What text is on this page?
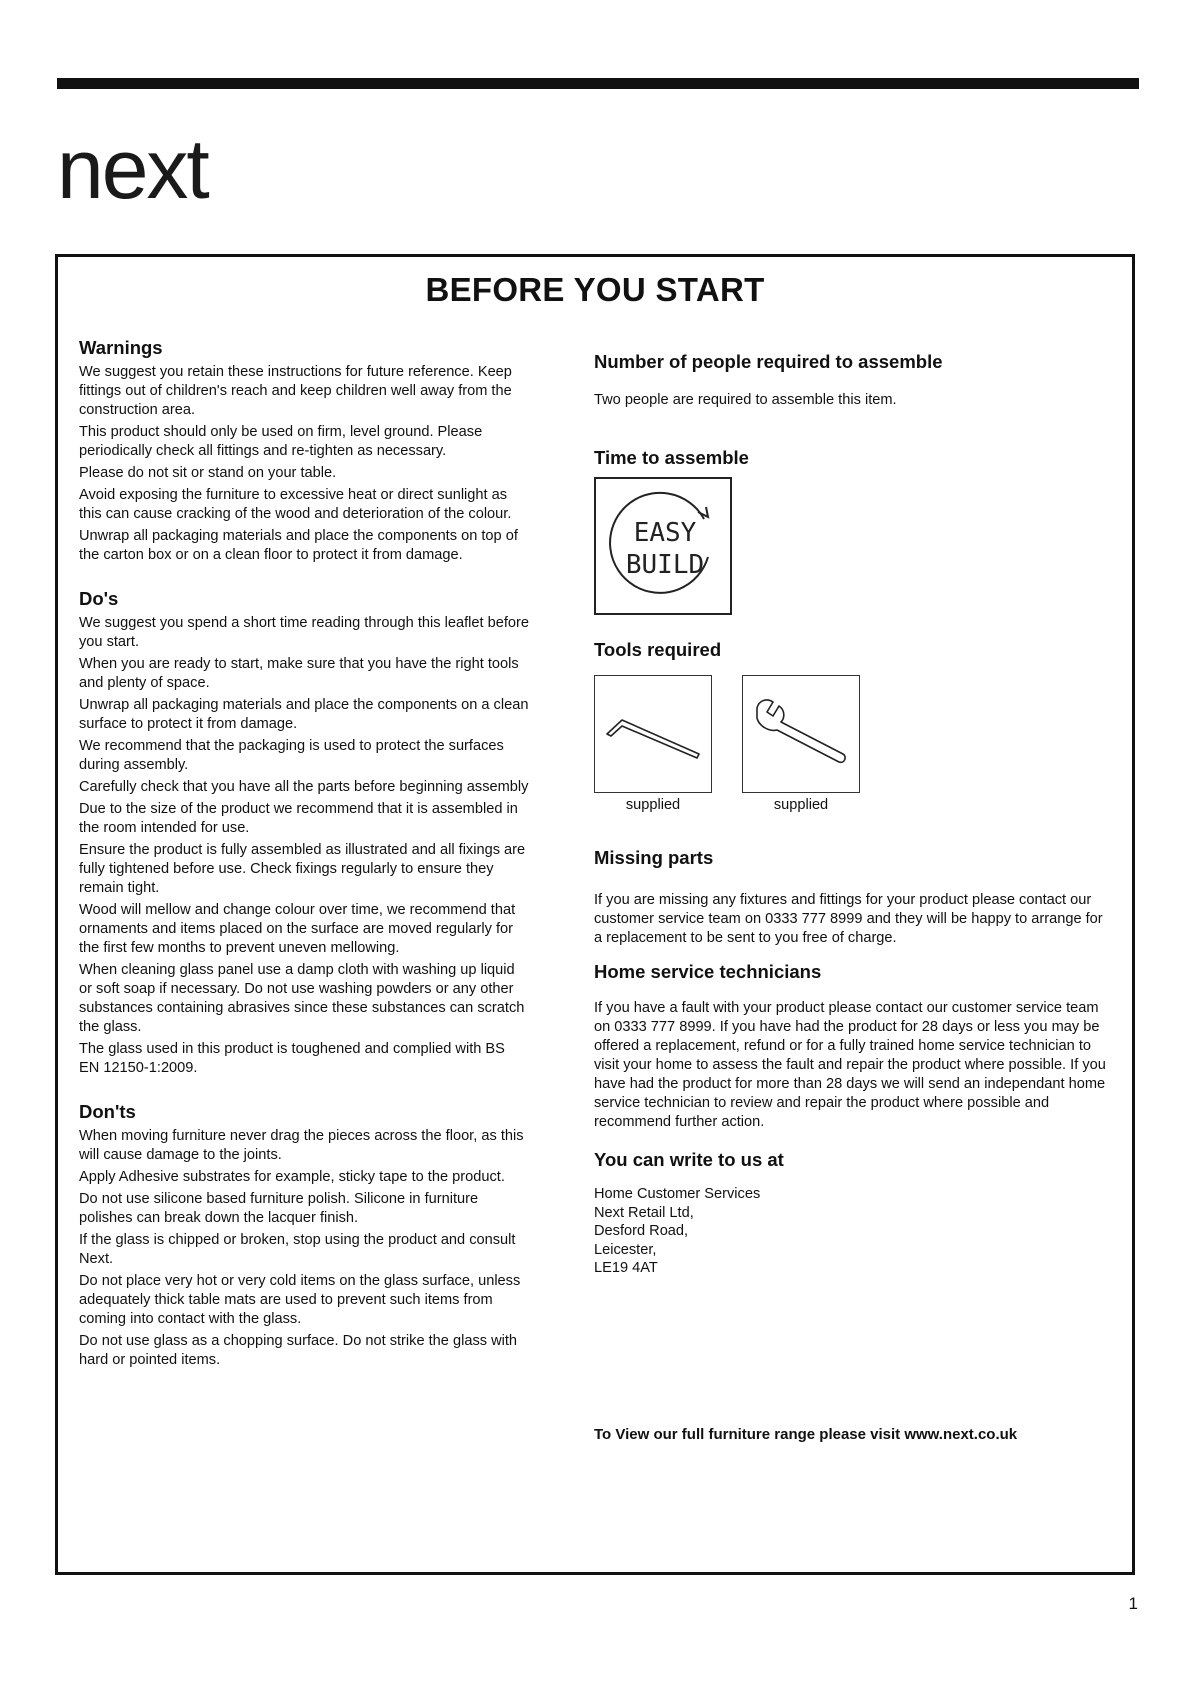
next
BEFORE YOU START
Warnings

We suggest you retain these instructions for future reference. Keep fittings out of children's reach and keep children well away from the construction area.

This product should only be used on firm, level ground. Please periodically check all fittings and re-tighten as necessary.

Please do not sit or stand on your table.

Avoid exposing the furniture to excessive heat or direct sunlight as this can cause cracking of the wood and deterioration of the colour.

Unwrap all packaging materials and place the components on top of the carton box or on a clean floor to protect it from damage.

Do's

We suggest you spend a short time reading through this leaflet before you start.

When you are ready to start, make sure that you have the right tools and plenty of space.

Unwrap all packaging materials and place the components on a clean surface to protect it from damage.

We recommend that the packaging is used to protect the surfaces during assembly.

Carefully check that you have all the parts before beginning assembly

Due to the size of the product we recommend that it is assembled in the room intended for use.

Ensure the product is fully assembled as illustrated and all fixings are fully tightened before use. Check fixings regularly to ensure they remain tight.

Wood will mellow and change colour over time, we recommend that ornaments and items placed on the surface are moved regularly for the first few months to prevent uneven mellowing.

When cleaning glass panel use a damp cloth with washing up liquid or soft soap if necessary. Do not use washing powders or any other substances containing abrasives since these substances can scratch the glass.

The glass used in this product is toughened and complied with BS EN 12150-1:2009.

Don'ts

When moving furniture never drag the pieces across the floor, as this will cause damage to the joints.

Apply Adhesive substrates for example, sticky tape to the product.

Do not use silicone based furniture polish. Silicone in furniture polishes can break down the lacquer finish.

If the glass is chipped or broken, stop using the product and consult Next.

Do not place very hot or very cold items on the glass surface, unless adequately thick table mats are used to prevent such items from coming into contact with the glass.

Do not use glass as a chopping surface. Do not strike the glass with hard or pointed items.

Number of people required to assemble

Two people are required to assemble this item.

Time to assemble
EASY
BUILD
Tools required
supplied	supplied
Missing parts

If you are missing any fixtures and fittings for your product please contact our customer service team on 0333 777 8999 and they will be happy to arrange for a replacement to be sent to you free of charge.

Home service technicians

If you have a fault with your product please contact our customer service team on 0333 777 8999. If you have had the product for 28 days or less you may be offered a replacement, refund or for a fully trained home service technician to visit your home to assess the fault and repair the product where possible. If you have had the product for more than 28 days we will send an independant home service technician to review and repair the product where possible and recommend further action.

You can write to us at
Home Customer Services
Next Retail Ltd,
Desford Road,
Leicester,
LE19 4AT
To View our full furniture range please visit www.next.co.uk
1
